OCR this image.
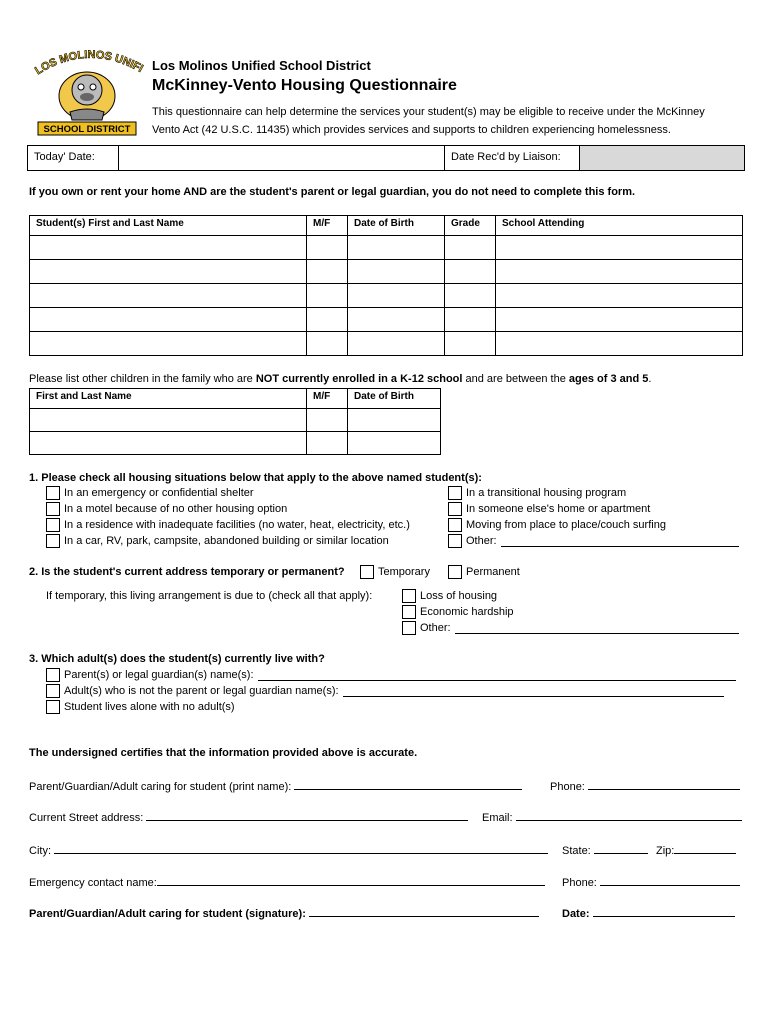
LOS MOLINOS UNIF
SCHOOL DISTRICT
Los Molinos Unified School District
McKinney-Vento Housing Questionnaire
This questionnaire can help determine the services your student(s) may be eligible to receive under the McKinney
Vento Act (42 U.S.C. 11435) which provides services and supports to children experiencing homelessness.
Today' Date:	Date Rec'd by Liaison:
If you own or rent your home AND are the student's parent or legal guardian, you do not need to complete this form.
Student(s) First and Last Name	M/F	Date of Birth	Grade	School Attending

Please list other children in the family who are NOT currently enrolled in a K-12 school and are between the ages of 3 and 5.
First and Last Name	M/F	Date of Birth

1. Please check all housing situations below that apply to the above named student(s):
In an emergency or confidential shelter
In a motel because of no other housing option
In a residence with inadequate facilities (no water, heat, electricity, etc.)
In a car, RV, park, campsite, abandoned building or similar location
In a transitional housing program
In someone else's home or apartment
Moving from place to place/couch surfing
Other:
2. Is the student's current address temporary or permanent?	Temporary	Permanent
If temporary, this living arrangement is due to (check all that apply):	Loss of housing
Economic hardship
Other:
3. Which adult(s) does the student(s) currently live with?
Parent(s) or legal guardian(s) name(s):
Adult(s) who is not the parent or legal guardian name(s):
Student lives alone with no adult(s)
The undersigned certifies that the information provided above is accurate.
Parent/Guardian/Adult caring for student (print name):	Phone:
Current Street address:	Email:
City:	State:	Zip:
Emergency contact name:	Phone:
Parent/Guardian/Adult caring for student (signature):	Date:
